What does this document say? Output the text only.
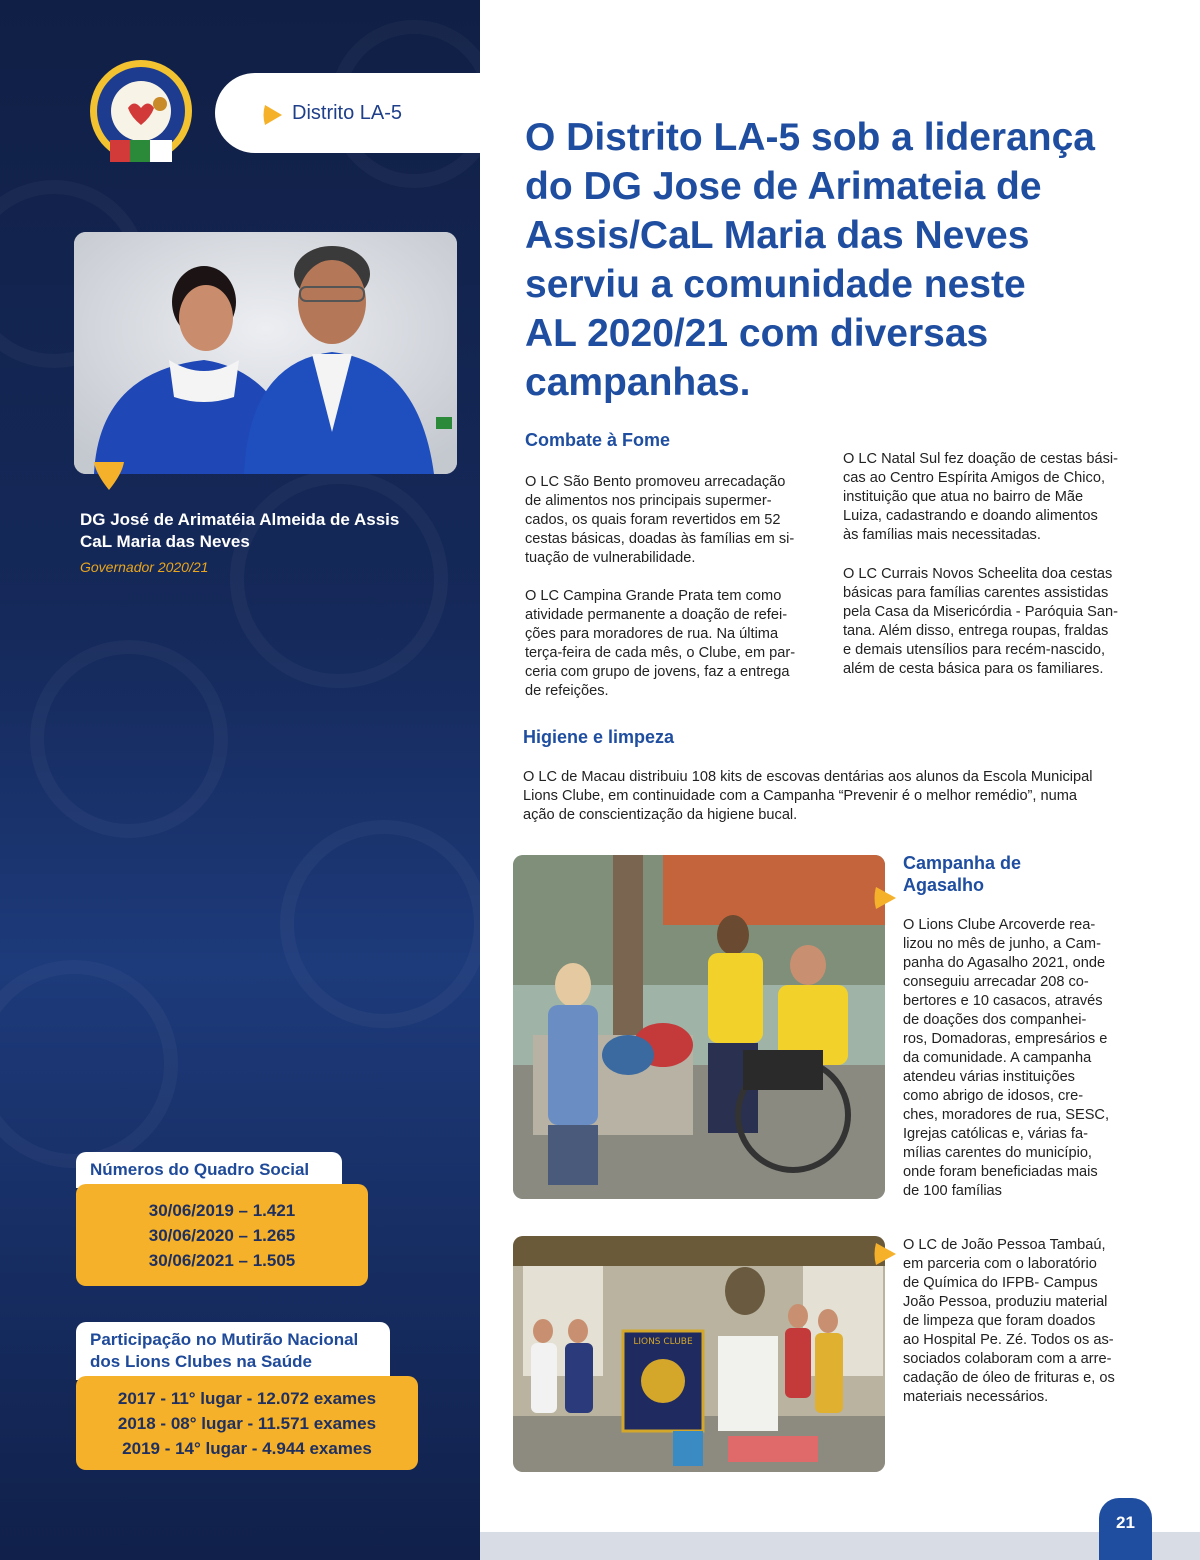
Distrito LA-5
DG José de Arimatéia Almeida de Assis
CaL Maria das Neves
Governador 2020/21
Números do Quadro Social
30/06/2019 – 1.421
30/06/2020 – 1.265
30/06/2021 – 1.505
Participação no Mutirão Nacional
dos Lions Clubes na Saúde
2017 - 11° lugar - 12.072 exames
2018 - 08° lugar - 11.571 exames
2019 - 14° lugar - 4.944 exames
O Distrito LA-5 sob a liderança
do DG Jose de Arimateia de
Assis/CaL Maria das Neves
serviu a comunidade neste
AL 2020/21 com diversas
campanhas.
Combate à Fome
O LC São Bento promoveu arrecadação
de alimentos nos principais supermer-
cados, os quais foram revertidos em 52
cestas básicas, doadas às famílias em si-
tuação de vulnerabilidade.
O LC Campina Grande Prata tem como
atividade permanente a doação de refei-
ções para moradores de rua. Na última
terça-feira de cada mês, o Clube, em par-
ceria com grupo de jovens, faz a entrega
de refeições.
O LC Natal Sul fez doação de cestas bási-
cas ao Centro Espírita Amigos de Chico,
instituição que atua no bairro de Mãe
Luiza, cadastrando e doando alimentos
às famílias mais necessitadas.
O LC Currais Novos Scheelita doa cestas
básicas para famílias carentes assistidas
pela Casa da Misericórdia - Paróquia San-
tana. Além disso, entrega roupas, fraldas
e demais utensílios para recém-nascido,
além de cesta básica para os familiares.
Higiene e limpeza
O LC de Macau distribuiu 108 kits de escovas dentárias aos alunos da Escola Municipal
Lions Clube, em continuidade com a Campanha “Prevenir é o melhor remédio”, numa
ação de conscientização da higiene bucal.
Campanha de
Agasalho
O Lions Clube Arcoverde rea-
lizou no mês de junho, a Cam-
panha do Agasalho 2021, onde
conseguiu arrecadar 208 co-
bertores e 10 casacos, através
de doações dos companhei-
ros, Domadoras, empresários e
da comunidade. A campanha
atendeu várias instituições
como abrigo de idosos, cre-
ches, moradores de rua, SESC,
Igrejas católicas e, várias fa-
mílias carentes do município,
onde foram beneficiadas mais
de 100 famílias
LIONS CLUBE
O LC de João Pessoa Tambaú,
em parceria com o laboratório
de Química do IFPB- Campus
João Pessoa, produziu material
de limpeza que foram doados
ao Hospital Pe. Zé. Todos os as-
sociados colaboram com a arre-
cadação de óleo de frituras e, os
materiais necessários.
21
